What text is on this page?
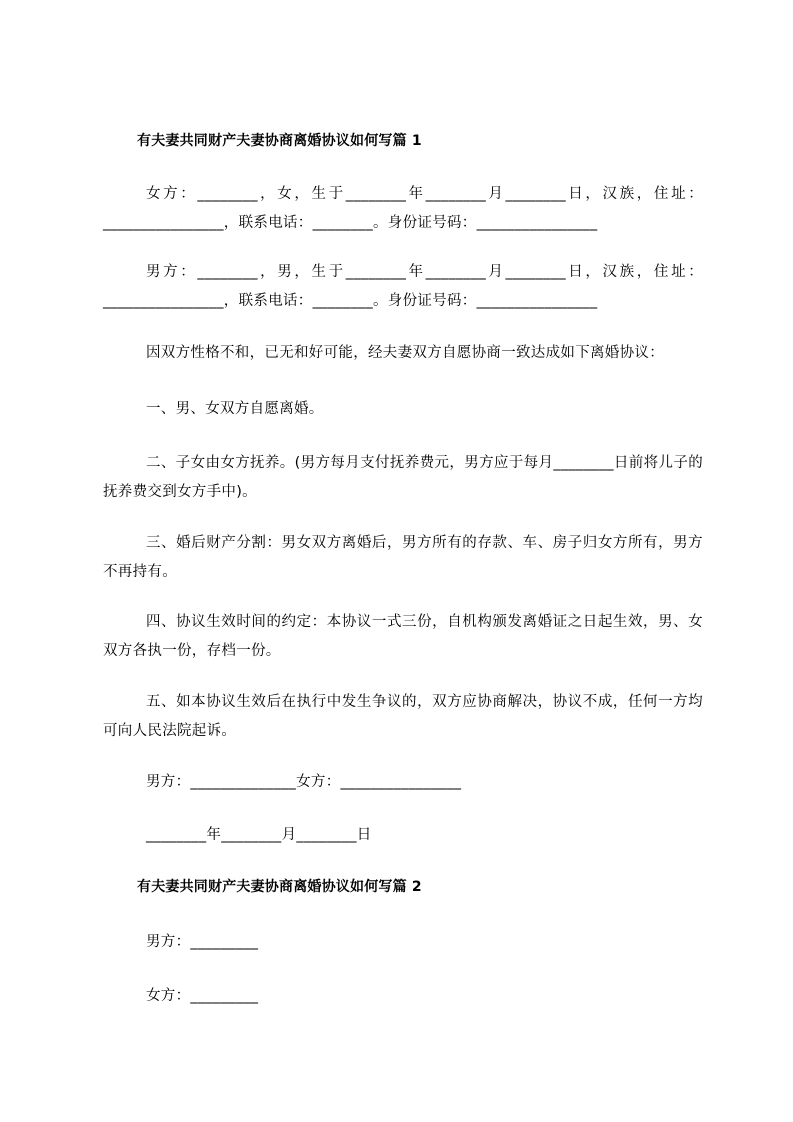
有夫妻共同财产夫妻协商离婚协议如何写篇 1
女方：________，女，生于________年________月________日，汉族，住址：________________，联系电话：________。身份证号码：________________
男方：________，男，生于________年________月________日，汉族，住址：________________，联系电话：________。身份证号码：________________
因双方性格不和，已无和好可能，经夫妻双方自愿协商一致达成如下离婚协议：
一、男、女双方自愿离婚。
二、子女由女方抚养。(男方每月支付抚养费元，男方应于每月________日前将儿子的抚养费交到女方手中)。
三、婚后财产分割：男女双方离婚后，男方所有的存款、车、房子归女方所有，男方不再持有。
四、协议生效时间的约定：本协议一式三份，自机构颁发离婚证之日起生效，男、女双方各执一份，存档一份。
五、如本协议生效后在执行中发生争议的，双方应协商解决，协议不成，任何一方均可向人民法院起诉。
男方：______________女方：________________
________年________月________日
有夫妻共同财产夫妻协商离婚协议如何写篇 2
男方：_________
女方：_________
